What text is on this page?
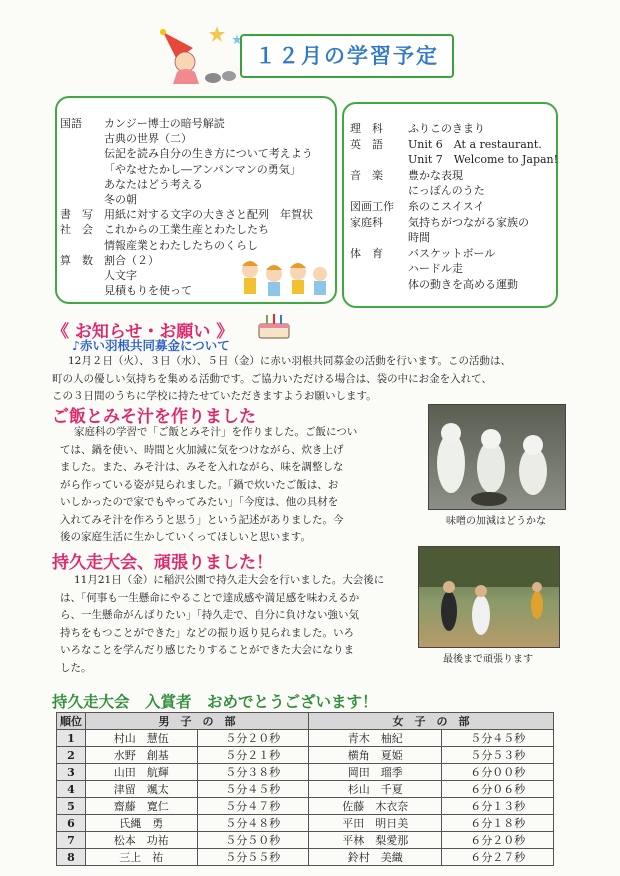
１２月の学習予定
国語 カンジー博士の暗号解読
古典の世界（二）
伝記を読み自分の生き方について考えよう
「やなせたかし―アンパンマンの勇気」
あなたはどう考える
冬の朝
書　写 用紙に対する文字の大きさと配列　年賀状
社　会 これからの工業生産とわたしたち
情報産業とわたしたちのくらし
算　数 割合（２）
人文字
見積もりを使って
理　科 ふりこのきまり
英　語 Unit 6　At a restaurant.
Unit 7　Welcome to Japan!
音　楽 豊かな表現
にっぽんのうた
図画工作 糸のこスイスイ
家庭科 気持ちがつながる家族の
時間
体　育 バスケットボール
ハードル走
体の動きを高める運動
《 お知らせ・お願い 》
♪赤い羽根共同募金について
12月２日（火）、３日（水）、５日（金）に赤い羽根共同募金の活動を行います。この活動は、
町の人の優しい気持ちを集める活動です。ご協力いただける場合は、袋の中にお金を入れて、
この３日間のうちに学校に持たせていただきますようお願いします。
ご飯とみそ汁を作りました
家庭科の学習で「ご飯とみそ汁」を作りました。ご飯につい
ては、鍋を使い、時間と火加減に気をつけながら、炊き上げ
ました。また、みそ汁は、みそを入れながら、味を調整しな
がら作っている姿が見られました。「鍋で炊いたご飯は、お
いしかったので家でもやってみたい」「今度は、他の具材を
入れてみそ汁を作ろうと思う」という記述がありました。今
後の家庭生活に生かしていくってほしいと思います。
味噌の加減はどうかな
持久走大会、頑張りました！
11月21日（金）に稲沢公園で持久走大会を行いました。大会後に
は、「何事も一生懸命にやることで達成感や満足感を味わえるか
ら、一生懸命がんばりたい」「持久走で、自分に負けない強い気
持ちをもつことができた」などの振り返り見られました。いろ
いろなことを学んだり感じたりすることができた大会になりま
した。
最後まで頑張ります
持久走大会　入賞者　おめでとうございます！
順位	男　子　の　部		女　子　の　部	
1	村山　慧伍	５分２０秒	青木　柚紀	５分４５秒
2	水野　創基	５分２１秒	横角　夏姫	５分５３秒
3	山田　航輝	５分３８秒	岡田　瑠季	６分００秒
4	津留　颯太	５分４５秒	杉山　千夏	６分０６秒
5	齋藤　寛仁	５分４７秒	佐藤　木衣奈	６分１３秒
6	氏縄　勇	５分４８秒	平田　明日美	６分１８秒
7	松本　功祐	５分５０秒	平林　梨愛那	６分２０秒
8	三上　祐	５分５５秒	鈴村　美織	６分２７秒
